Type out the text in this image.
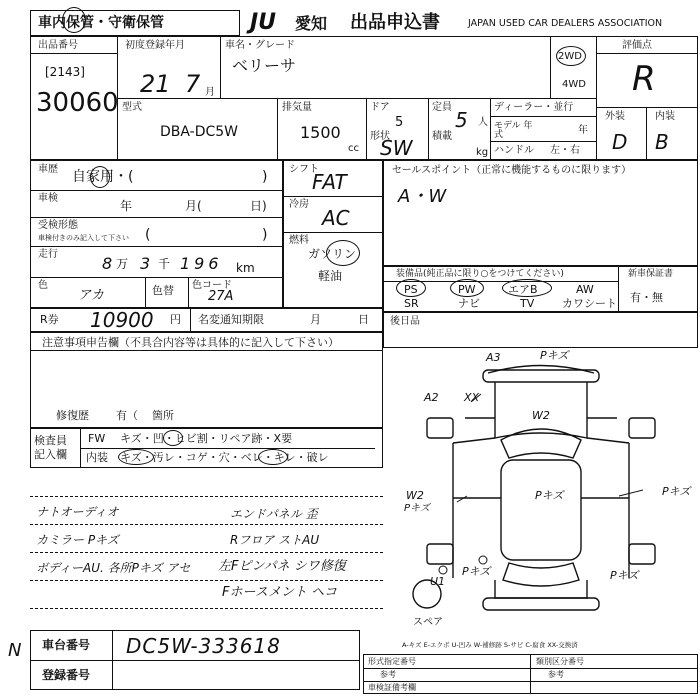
車内保管・守衛保管	JU 愛知 出品申込書	JAPAN USED CAR DEALERS ASSOCIATION
出品番号
[2143]
30060
初度登録年月
21 7 月
車名・グレード
ベリーサ	2WD
4WD
評価点
R
外装	内装
D B
型式
DBA-DC5W
排気量
1500
cc
ドア
5
形状
SW
定員
5 人
積載
kg
ディーラー・並行
モデル 年式	年
ハンドル 左・右
車歴 自家用・(	)
車検
年	月(	日)
受検形態
車検付きのみ記入して下さい (	)
走行	8 万 3 千 196 km
色
アカ	色替 色コード
27A
シフト
FAT
冷房
AC
燃料
ガソリン
軽油
セールスポイント（正常に機能するものに限ります）
A・W
装備品(純正品に限り○をつけてください)
PS	PW	エアB	AW
SR	ナビ	TV	カワシート
新車保証書
有・無
R券 10900 円 名変通知期限	月	日 後日品
注意事項申告欄（不具合内容等は具体的に記入して下さい）
修復歴 有（ 箇所
検査員 記入欄
FW キズ・凹・ヒビ割・リペア跡・X要
内装 キズ・汚レ・コゲ・穴・ベレ・キレ・破レ
ナトオーディオ	エンドパネル 歪
カミラー Pキズ	Rフロア ストAU
ボディーAU. 各所Pキズ アセ 左Fピンパネ シワ修復
Fホースメント ヘコ
A3	Pキズ
A2 XX
W2
W2
Pキズ
Pキズ	Pキズ
U1
Pキズ	Pキズ
スペア
A-キズ E-エクボ U-凹み W-補修跡 S-サビ C-腐食 XX-交換済
車台番号 DC5W-333618
登録番号
N
形式指定番号
参考
類別区分番号
参考
車検証備考欄
